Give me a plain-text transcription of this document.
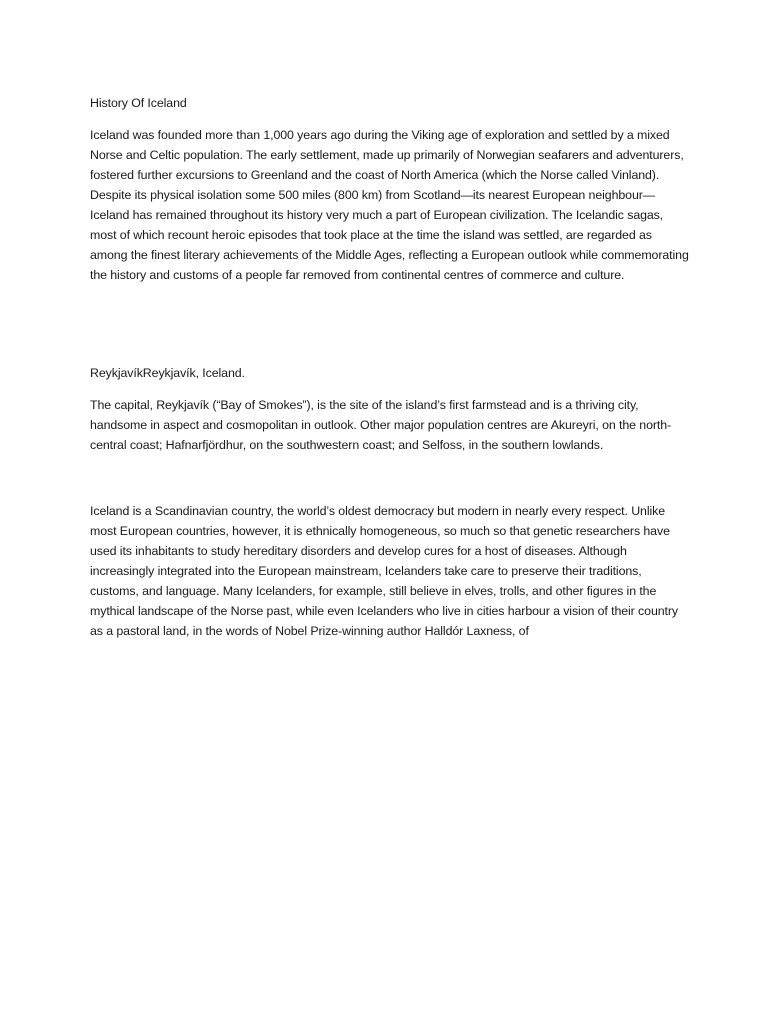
History Of Iceland

Iceland was founded more than 1,000 years ago during the Viking age of exploration and settled by a mixed Norse and Celtic population. The early settlement, made up primarily of Norwegian seafarers and adventurers, fostered further excursions to Greenland and the coast of North America (which the Norse called Vinland). Despite its physical isolation some 500 miles (800 km) from Scotland—its nearest European neighbour—Iceland has remained throughout its history very much a part of European civilization. The Icelandic sagas, most of which recount heroic episodes that took place at the time the island was settled, are regarded as among the finest literary achievements of the Middle Ages, reflecting a European outlook while commemorating the history and customs of a people far removed from continental centres of commerce and culture.

ReykjavíkReykjavík, Iceland.

The capital, Reykjavík (“Bay of Smokes”), is the site of the island’s first farmstead and is a thriving city, handsome in aspect and cosmopolitan in outlook. Other major population centres are Akureyri, on the north-central coast; Hafnarfjördhur, on the southwestern coast; and Selfoss, in the southern lowlands.

Iceland is a Scandinavian country, the world’s oldest democracy but modern in nearly every respect. Unlike most European countries, however, it is ethnically homogeneous, so much so that genetic researchers have used its inhabitants to study hereditary disorders and develop cures for a host of diseases. Although increasingly integrated into the European mainstream, Icelanders take care to preserve their traditions, customs, and language. Many Icelanders, for example, still believe in elves, trolls, and other figures in the mythical landscape of the Norse past, while even Icelanders who live in cities harbour a vision of their country as a pastoral land, in the words of Nobel Prize-winning author Halldór Laxness, of
